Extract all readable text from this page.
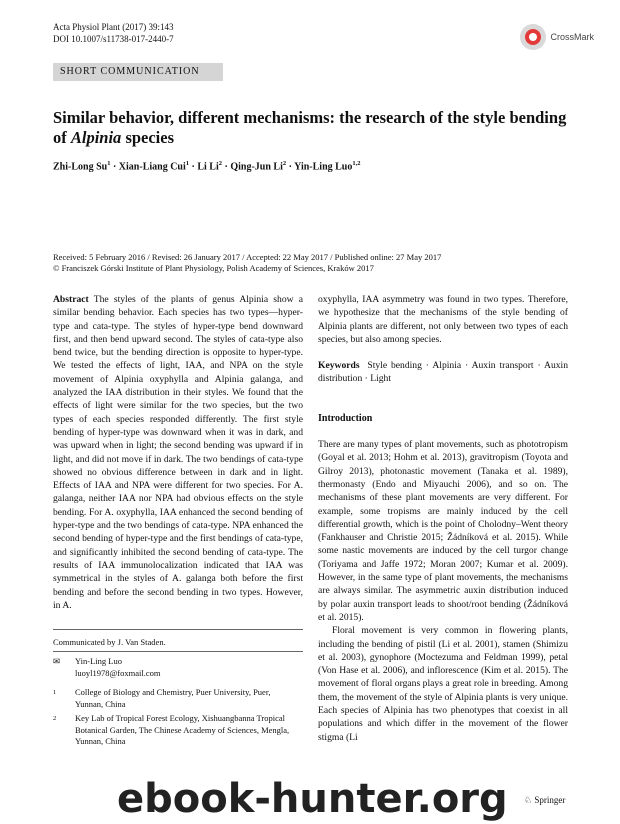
Acta Physiol Plant (2017) 39:143
DOI 10.1007/s11738-017-2440-7	CrossMark
SHORT COMMUNICATION
Similar behavior, different mechanisms: the research of the style bending of Alpinia species
Zhi-Long $Su^1$ · Xian-Liang Cui$^1$ · Li $Li^2$ · Qing-Jun $Li^2$ · Yin-Ling Luo$^{1,2}$
Received: 5 February 2016 / Revised: 26 January 2017 / Accepted: 22 May 2017 / Published online: 27 May 2017
© Franciszek Górski Institute of Plant Physiology, Polish Academy of Sciences, Kraków 2017

Abstract The styles of the plants of genus Alpinia show a similar bending behavior. Each species has two types—hyper-type and cata-type. The styles of hyper-type bend downward first, and then bend upward second. The styles of cata-type also bend twice, but the bending direction is opposite to hyper-type. We tested the effects of light, IAA, and NPA on the style movement of Alpinia oxyphylla and Alpinia galanga, and analyzed the IAA distribution in their styles. We found that the effects of light were similar for the two species, but the two types of each species responded differently. The first style bending of hyper-type was downward when it was in dark, and was upward when in light; the second bending was upward if in light, and did not move if in dark. The two bendings of cata-type showed no obvious difference between in dark and in light. Effects of IAA and NPA were different for two species. For A. galanga, neither IAA nor NPA had obvious effects on the style bending. For A. oxyphylla, IAA enhanced the second bending of hyper-type and the two bendings of cata-type. NPA enhanced the second bending of hyper-type and the first bendings of cata-type, and significantly inhibited the second bending of cata-type. The results of IAA immunolocalization indicated that IAA was symmetrical in the styles of A. galanga both before the first bending and before the second bending in two types. However, in A.

oxyphylla, IAA asymmetry was found in two types. Therefore, we hypothesize that the mechanisms of the style bending of Alpinia plants are different, not only between two types of each species, but also among species.

Keywords Style bending · Alpinia · Auxin transport · Auxin distribution · Light

Introduction

There are many types of plant movements, such as phototropism (Goyal et al. 2013; Hohm et al. 2013), gravitropism (Toyota and Gilroy 2013), photonastic movement (Tanaka et al. 1989), thermonasty (Endo and Miyauchi 2006), and so on. The mechanisms of these plant movements are very different. For example, some tropisms are mainly induced by the cell differential growth, which is the point of Cholodny–Went theory (Fankhauser and Christie 2015; Žádníková et al. 2015). While some nastic movements are induced by the cell turgor change (Toriyama and Jaffe 1972; Moran 2007; Kumar et al. 2009). However, in the same type of plant movements, the mechanisms are always similar. The asymmetric auxin distribution induced by polar auxin transport leads to shoot/root bending (Žádníková et al. 2015).

Floral movement is very common in flowering plants, including the bending of pistil (Li et al. 2001), stamen (Shimizu et al. 2003), gynophore (Moctezuma and Feldman 1999), petal (Von Hase et al. 2006), and inflorescence (Kim et al. 2015). The movement of floral organs plays a great role in breeding. Among them, the movement of the style of Alpinia plants is very unique. Each species of Alpinia has two phenotypes that coexist in all populations and which differ in the movement of the flower stigma (Li

Communicated by J. Van Staden.
✉	Yin-Ling Luo
luoyl1978@foxmail.com
1	College of Biology and Chemistry, Puer University, Puer, Yunnan, China
2	Key Lab of Tropical Forest Ecology, Xishuangbanna Tropical Botanical Garden, The Chinese Academy of Sciences, Mengla, Yunnan, China
♘ Springer
ebook-hunter.org
